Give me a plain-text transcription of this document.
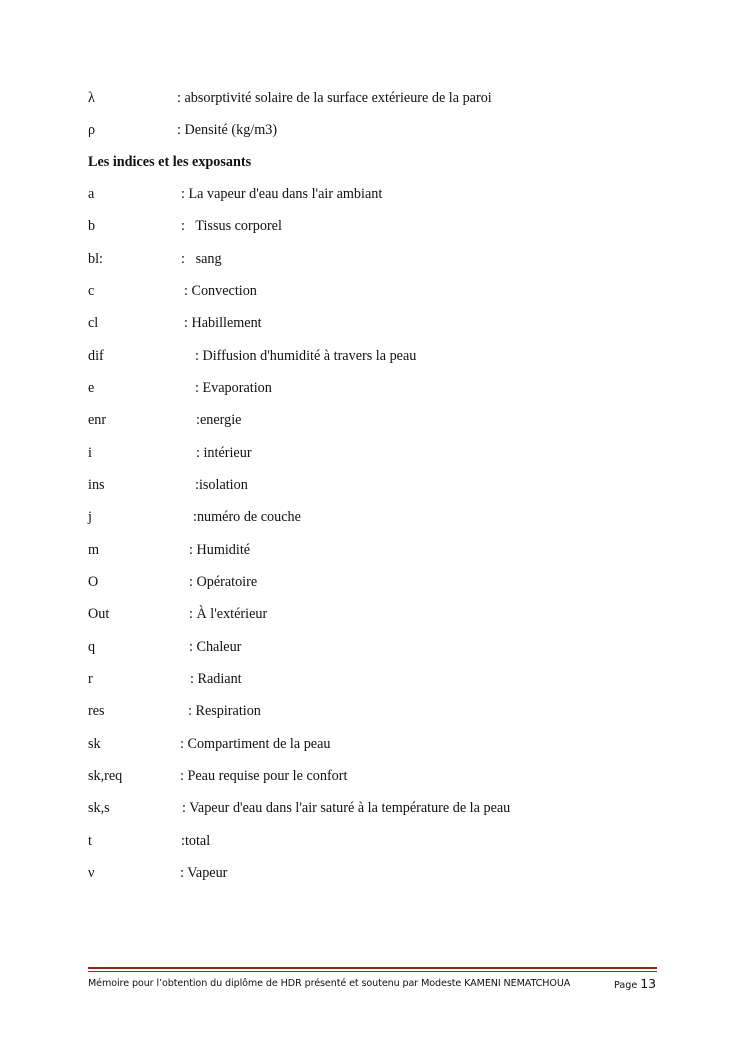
λ	: absorptivité solaire de la surface extérieure de la paroi
ρ	: Densité (kg/m3)
Les indices et les exposants
a	: La vapeur d'eau dans l'air ambiant
b	:   Tissus corporel
bl:	:   sang
c	: Convection
cl	: Habillement
dif	: Diffusion d'humidité à travers la peau
e	: Evaporation
enr	:energie
i	: intérieur
ins	:isolation
j	:numéro de couche
m	: Humidité
O	: Opératoire
Out	: À l'extérieur
q	: Chaleur
r	: Radiant
res	: Respiration
sk	: Compartiment de la peau
sk,req	: Peau requise pour le confort
sk,s	: Vapeur d'eau dans l'air saturé à la température de la peau
t	:total
ν	: Vapeur
Mémoire pour l’obtention du diplôme de HDR présenté et soutenu par Modeste KAMENI NEMATCHOUA	Page 13
